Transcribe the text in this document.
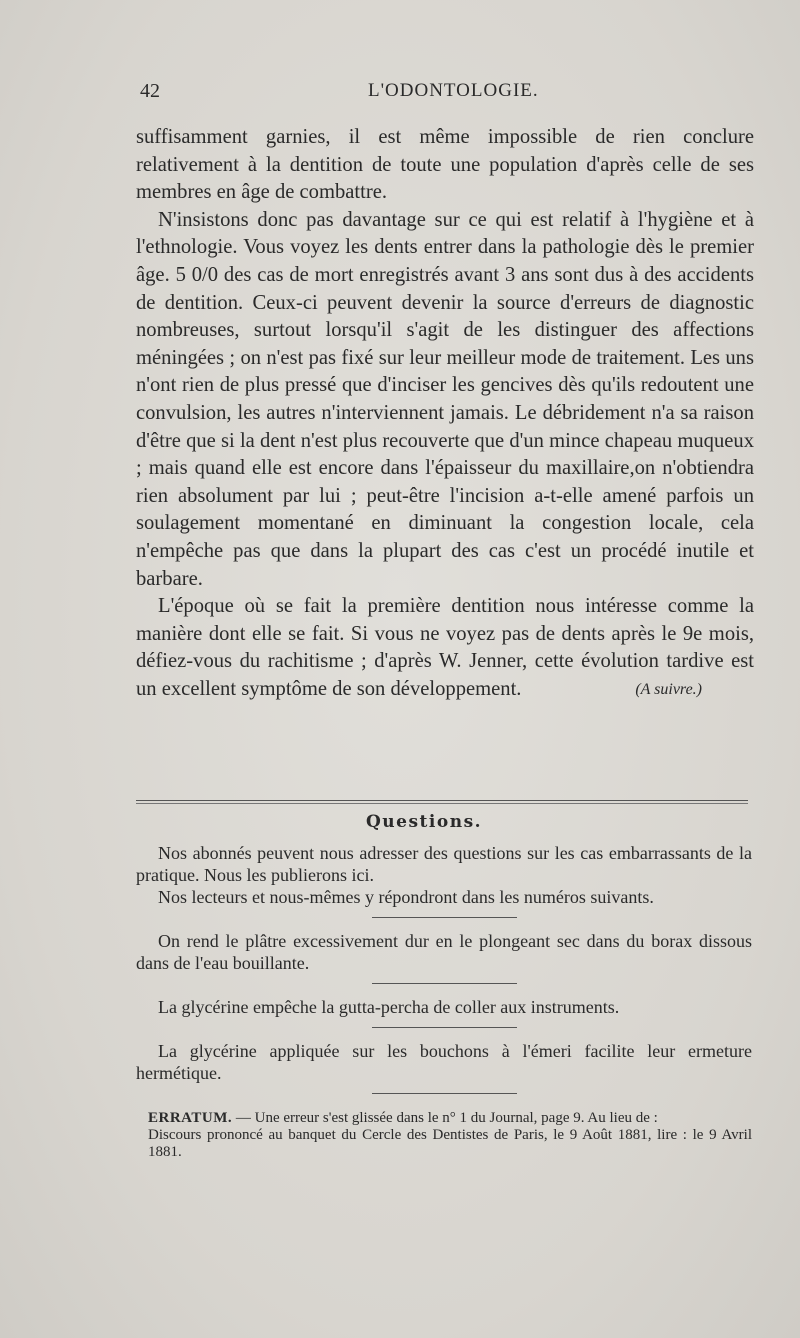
42	L'ODONTOLOGIE.

suffisamment garnies, il est même impossible de rien conclure relativement à la dentition de toute une population d'après celle de ses membres en âge de combattre.

N'insistons donc pas davantage sur ce qui est relatif à l'hygiène et à l'ethnologie. Vous voyez les dents entrer dans la pathologie dès le premier âge. 5 0/0 des cas de mort enregistrés avant 3 ans sont dus à des accidents de dentition. Ceux-ci peuvent devenir la source d'erreurs de diagnostic nombreuses, surtout lorsqu'il s'agit de les distinguer des affections méningées ; on n'est pas fixé sur leur meilleur mode de traitement. Les uns n'ont rien de plus pressé que d'inciser les gencives dès qu'ils redoutent une convulsion, les autres n'interviennent jamais. Le débridement n'a sa raison d'être que si la dent n'est plus recouverte que d'un mince chapeau muqueux ; mais quand elle est encore dans l'épaisseur du maxillaire,on n'obtiendra rien absolument par lui ; peut-être l'incision a-t-elle amené parfois un soulagement momentané en diminuant la congestion locale, cela n'empêche pas que dans la plupart des cas c'est un procédé inutile et barbare.

L'époque où se fait la première dentition nous intéresse comme la manière dont elle se fait. Si vous ne voyez pas de dents après le 9e mois, défiez-vous du rachitisme ; d'après W. Jenner, cette évolution tardive est un excellent symptôme de son développement.	(A suivre.)

Questions.

Nos abonnés peuvent nous adresser des questions sur les cas embarrassants de la pratique. Nous les publierons ici.

Nos lecteurs et nous-mêmes y répondront dans les numéros suivants.

On rend le plâtre excessivement dur en le plongeant sec dans du borax dissous dans de l'eau bouillante.

La glycérine empêche la gutta-percha de coller aux instruments.

La glycérine appliquée sur les bouchons à l'émeri facilite leur ermeture hermétique.

ERRATUM. — Une erreur s'est glissée dans le n° 1 du Journal, page 9. Au lieu de :

Discours prononcé au banquet du Cercle des Dentistes de Paris, le 9 Août 1881, lire : le 9 Avril 1881.
